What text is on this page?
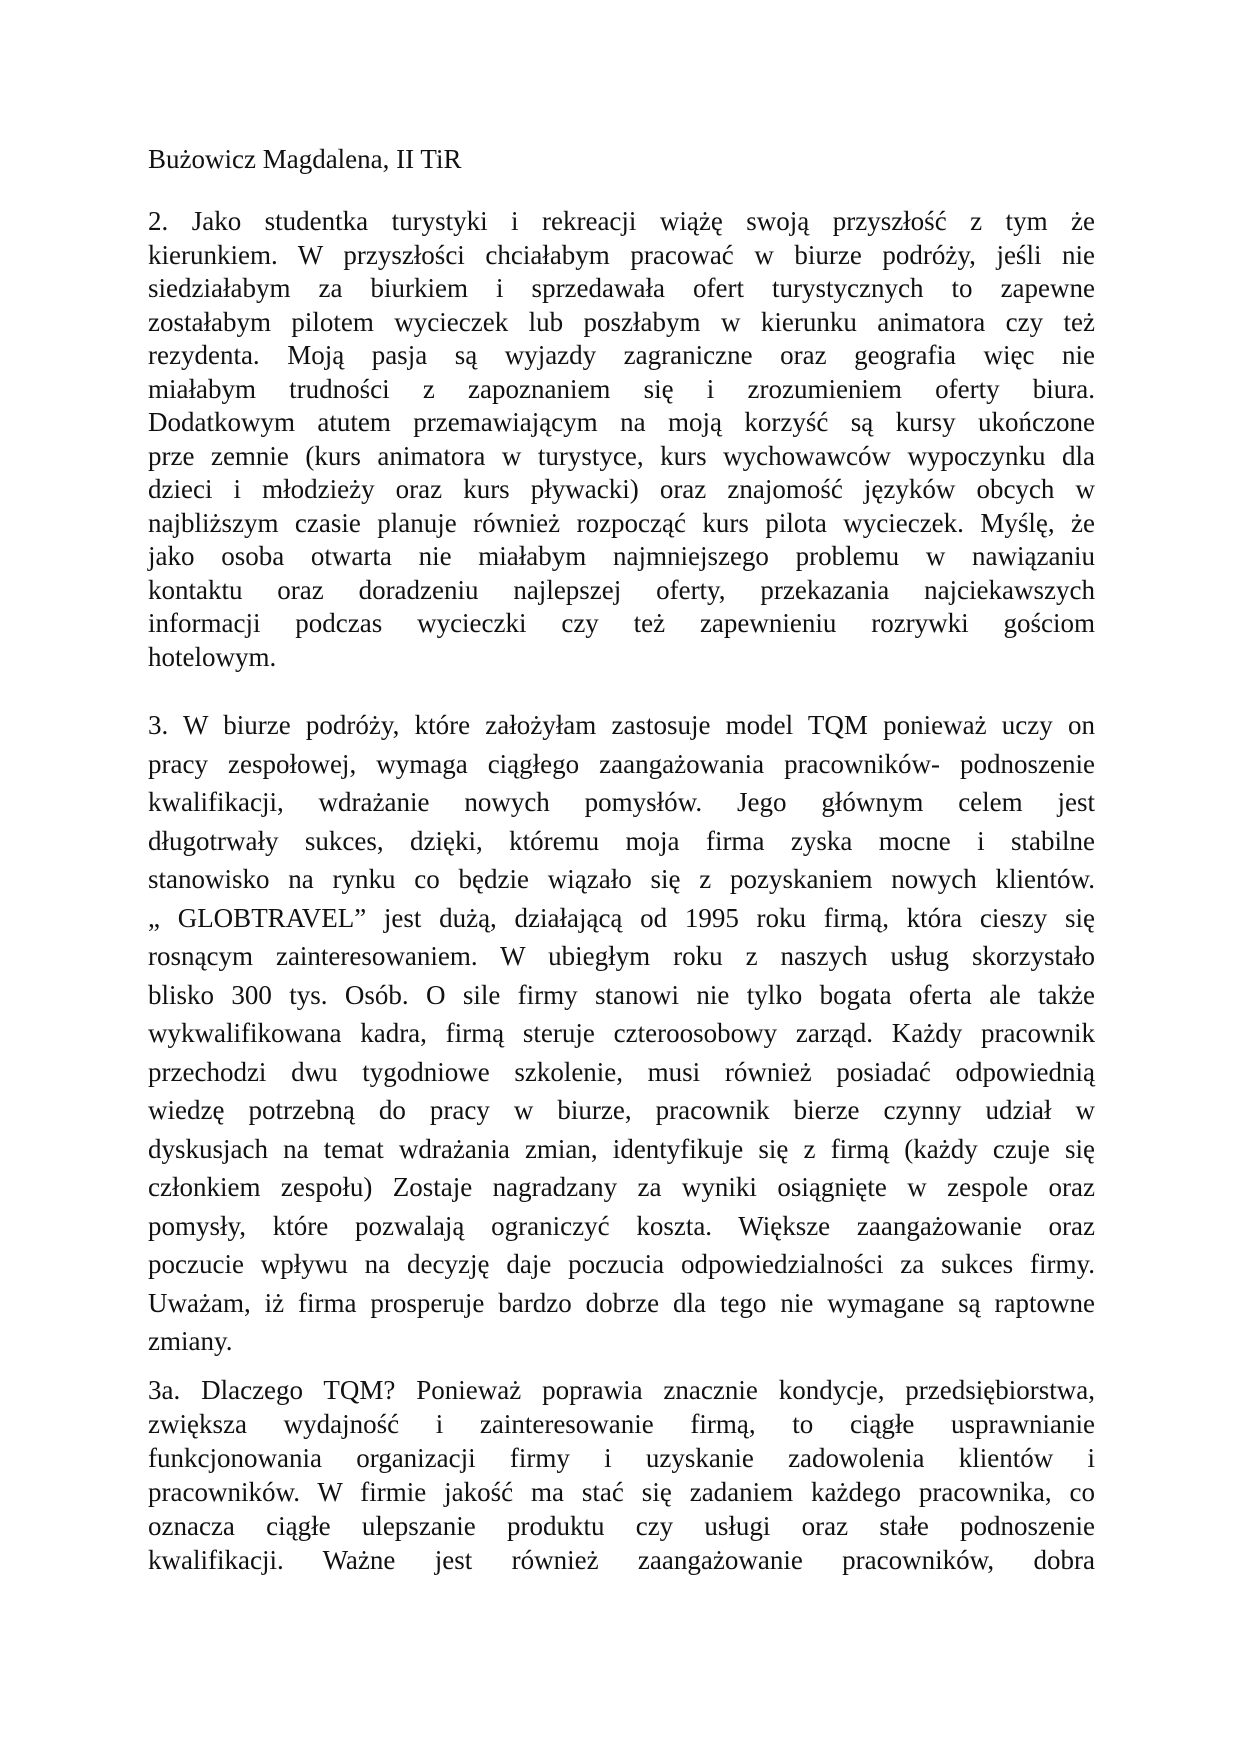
Bużowicz Magdalena, II TiR
2. Jako studentka turystyki i rekreacji wiążę swoją przyszłość z tym że
kierunkiem. W przyszłości chciałabym pracować w biurze podróży, jeśli nie
siedziałabym za biurkiem i sprzedawała ofert turystycznych to zapewne
zostałabym pilotem wycieczek lub poszłabym w kierunku animatora czy też
rezydenta. Moją pasja są wyjazdy zagraniczne oraz geografia więc nie
miałabym trudności z zapoznaniem się i zrozumieniem oferty biura.
Dodatkowym atutem przemawiającym na moją korzyść są kursy ukończone
prze zemnie (kurs animatora w turystyce, kurs wychowawców wypoczynku dla
dzieci i młodzieży oraz kurs pływacki) oraz znajomość języków obcych w
najbliższym czasie planuje również rozpocząć kurs pilota wycieczek. Myślę, że
jako osoba otwarta nie miałabym najmniejszego problemu w nawiązaniu
kontaktu oraz doradzeniu najlepszej oferty, przekazania najciekawszych
informacji podczas wycieczki czy też zapewnieniu rozrywki gościom
hotelowym.
3. W biurze podróży, które założyłam zastosuje model TQM ponieważ uczy on
pracy zespołowej, wymaga ciągłego zaangażowania pracowników- podnoszenie
kwalifikacji, wdrażanie nowych pomysłów. Jego głównym celem jest
długotrwały sukces, dzięki, któremu moja firma zyska mocne i stabilne
stanowisko na rynku co będzie wiązało się z pozyskaniem nowych klientów.
„ GLOBTRAVEL” jest dużą, działającą od 1995 roku firmą, która cieszy się
rosnącym zainteresowaniem. W ubiegłym roku z naszych usług skorzystało
blisko 300 tys. Osób. O sile firmy stanowi nie tylko bogata oferta ale także
wykwalifikowana kadra, firmą steruje czteroosobowy zarząd. Każdy pracownik
przechodzi dwu tygodniowe szkolenie, musi również posiadać odpowiednią
wiedzę potrzebną do pracy w biurze, pracownik bierze czynny udział w
dyskusjach na temat wdrażania zmian, identyfikuje się z firmą (każdy czuje się
członkiem zespołu) Zostaje nagradzany za wyniki osiągnięte w zespole oraz
pomysły, które pozwalają ograniczyć koszta. Większe zaangażowanie oraz
poczucie wpływu na decyzję daje poczucia odpowiedzialności za sukces firmy.
Uważam, iż firma prosperuje bardzo dobrze dla tego nie wymagane są raptowne
zmiany.
3a. Dlaczego TQM? Ponieważ poprawia znacznie kondycje, przedsiębiorstwa,
zwiększa wydajność i zainteresowanie firmą, to ciągłe usprawnianie
funkcjonowania organizacji firmy i uzyskanie zadowolenia klientów i
pracowników. W firmie jakość ma stać się zadaniem każdego pracownika, co
oznacza ciągłe ulepszanie produktu czy usługi oraz stałe podnoszenie
kwalifikacji. Ważne jest również zaangażowanie pracowników, dobra
